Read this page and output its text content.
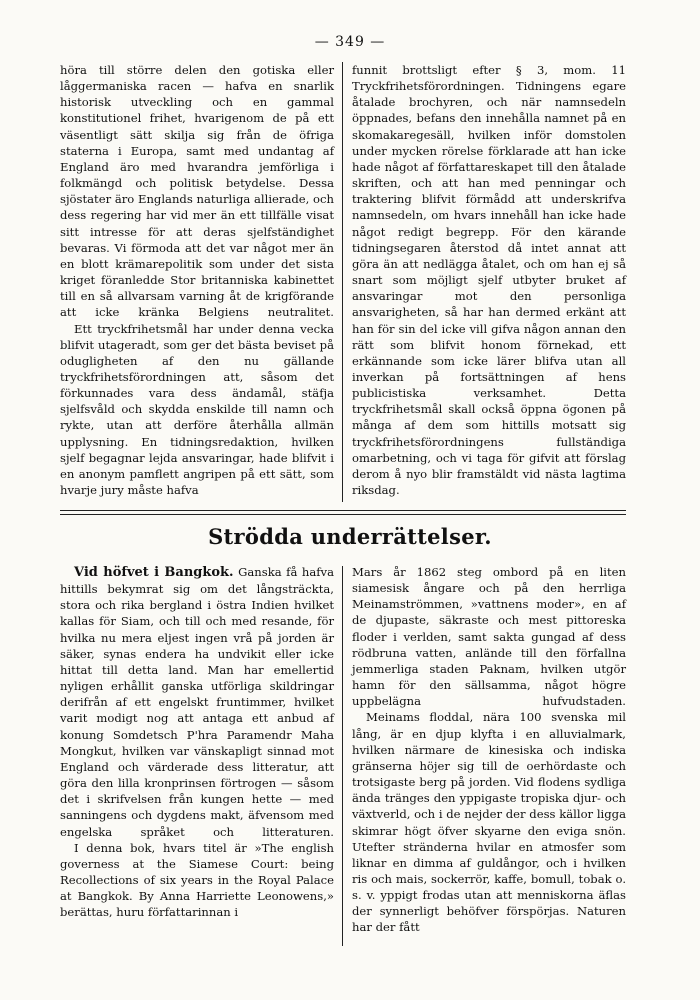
— 349 —

höra till större delen den gotiska eller låggermaniska racen — hafva en snarlik historisk utveckling och en gammal konstitutionel frihet, hvarigenom de på ett väsentligt sätt skilja sig från de öfriga staterna i Europa, samt med undantag af England äro med hvarandra jemförliga i folkmängd och politisk betydelse. Dessa sjöstater äro Englands naturliga allierade, och dess regering har vid mer än ett tillfälle visat sitt intresse för att deras sjelfständighet bevaras. Vi förmoda att det var något mer än en blott krämarepolitik som under det sista kriget föranledde Stor britanniska kabinettet till en så allvarsam varning åt de krigförande att icke kränka Belgiens neutralitet.

Ett tryckfrihetsmål har under denna vecka blifvit utageradt, som ger det bästa beviset på odugligheten af den nu gällande tryckfrihetsförordningen att, såsom det förkunnades vara dess ändamål, stäfja sjelfsvåld och skydda enskilde till namn och rykte, utan att derföre återhålla allmän upplysning. En tidningsredaktion, hvilken sjelf begagnar lejda ansvaringar, hade blifvit i en anonym pamflett angripen på ett sätt, som hvarje jury måste hafva

funnit brottsligt efter § 3, mom. 11 Tryckfrihetsförordningen. Tidningens egare åtalade brochyren, och när namnsedeln öppnades, befans den innehålla namnet på en skomakaregesäll, hvilken inför domstolen under mycken rörelse förklarade att han icke hade något af författareskapet till den åtalade skriften, och att han med penningar och traktering blifvit förmådd att underskrifva namnsedeln, om hvars innehåll han icke hade något redigt begrepp. För den kärande tidningsegaren återstod då intet annat att göra än att nedlägga åtalet, och om han ej så snart som möjligt sjelf utbyter bruket af ansvaringar mot den personliga ansvarigheten, så har han dermed erkänt att han för sin del icke vill gifva någon annan den rätt som blifvit honom förnekad, ett erkännande som icke lärer blifva utan all inverkan på fortsättningen af hens publicistiska verksamhet. Detta tryckfrihetsmål skall också öppna ögonen på många af dem som hittills motsatt sig tryckfrihetsförordningens fullständiga omarbetning, och vi taga för gifvit att förslag derom å nyo blir framstäldt vid nästa lagtima riksdag.

Strödda underrättelser.

Vid höfvet i Bangkok. Ganska få hafva hittills bekymrat sig om det långsträckta, stora och rika bergland i östra Indien hvilket kallas för Siam, och till och med resande, för hvilka nu mera eljest ingen vrå på jorden är säker, synas endera ha undvikit eller icke hittat till detta land. Man har emellertid nyligen erhållit ganska utförliga skildringar derifrån af ett engelskt fruntimmer, hvilket varit modigt nog att antaga ett anbud af konung Somdetsch P'hra Paramendr Maha Mongkut, hvilken var vänskapligt sinnad mot England och värderade dess litteratur, att göra den lilla kronprinsen förtrogen — såsom det i skrifvelsen från kungen hette — med sanningens och dygdens makt, äfvensom med engelska språket och litteraturen.

I denna bok, hvars titel är »The english governess at the Siamese Court: being Recollections of six years in the Royal Palace at Bangkok. By Anna Harriette Leonowens,» berättas, huru författarinnan i

Mars år 1862 steg ombord på en liten siamesisk ångare och på den herrliga Meinamströmmen, »vattnens moder», en af de djupaste, säkraste och mest pittoreska floder i verlden, samt sakta gungad af dess rödbruna vatten, anlände till den förfallna jemmerliga staden Paknam, hvilken utgör hamn för den sällsamma, något högre uppbelägna hufvudstaden.

Meinams floddal, nära 100 svenska mil lång, är en djup klyfta i en alluvialmark, hvilken närmare de kinesiska och indiska gränserna höjer sig till de oerhördaste och trotsigaste berg på jorden. Vid flodens sydliga ända tränges den yppigaste tropiska djur- och växtverld, och i de nejder der dess källor ligga skimrar högt öfver skyarne den eviga snön. Utefter stränderna hvilar en atmosfer som liknar en dimma af guldångor, och i hvilken ris och mais, sockerrör, kaffe, bomull, tobak o. s. v. yppigt frodas utan att menniskorna äflas der synnerligt behöfver förspörjas. Naturen har der fått
